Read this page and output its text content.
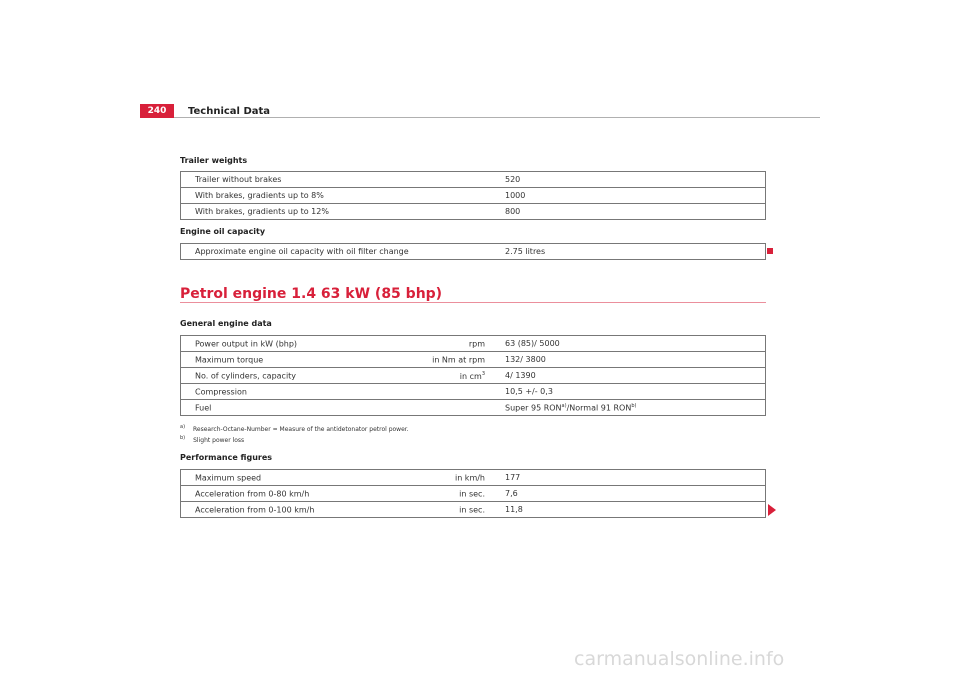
240	Technical Data
Trailer weights
Trailer without brakes	520
With brakes, gradients up to 8%	1000
With brakes, gradients up to 12%	800
Engine oil capacity
Approximate engine oil capacity with oil filter change	2.75 litres
Petrol engine 1.4 63 kW (85 bhp)
General engine data
Power output in kW (bhp) rpm	63 (85)/ 5000

Maximum torque in Nm at rpm	132/ 3800

No. of cylinders, capacity in cm$^3$	4/ 1390

Compression	10,5 +/- 0,3

Fuel	Super 95 RON$^{a)}$/Normal 91 RON$^{b)}$
$^{a)}$ Research-Octane-Number = Measure of the antidetonator petrol power.
$^{b)}$ Slight power loss
Performance figures
Maximum speed in km/h	177

Acceleration from 0-80 km/h in sec.	7,6

Acceleration from 0-100 km/h in sec.	11,8
carmanualsonline.info
